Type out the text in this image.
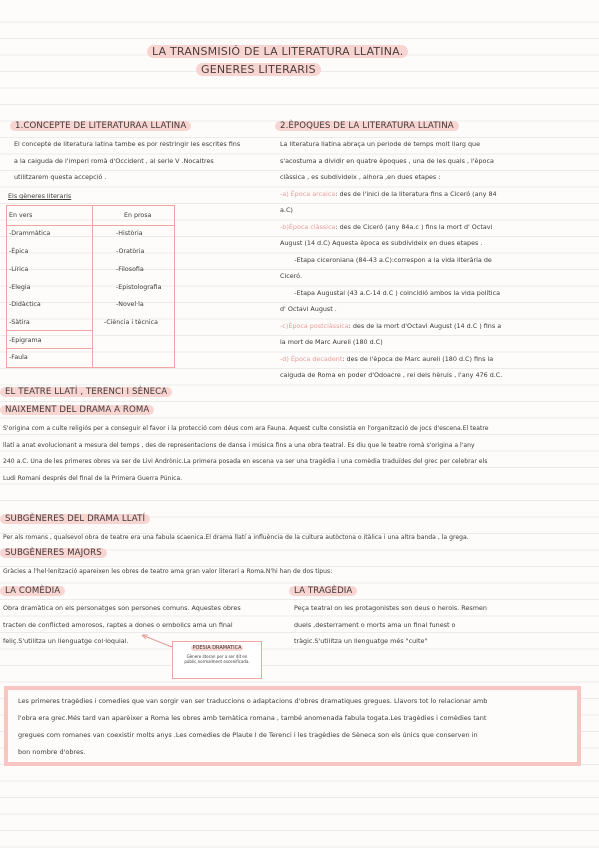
LA TRANSMISIÓ DE LA LITERATURA LLATINA.
GENERES LITERARIS
1.CONCEPTE DE LITERATURAA LLATINA
El concepte de literatura latina tambe es por restringir les escrites fins
a la caiguda de l'imperi romà d'Occident , al serle V .Nocaltres
utilitzarem questa accepció .
Els gèneres literaris
En vers	En prosa
-Drammàtica
-Èpica
-Lírica
-Elegia
-Didàctica
-Sàtira
-Epigrama
-Faula
-Història
-Oratòria
-Filosofia
-Epistolografia
-Novel·la
-Ciència i tècnica
2.ÈPOQUES DE LA LITERATURA LLATINA
La literatura llatina abraça un periode de temps molt llarg que
s'acostuma a dividir en quatre èpoques , una de les quals , l'època
clàssica , es subdivideix , alhora ,en dues etapes :
-a) Època arcaica: des de l'inici de la literatura fins a Ciceró (any 84
a.C)
-b)Època clàssica: des de Ciceró (any 84a.c ) fins la mort d' Octavi
August (14 d.C) Aquesta època es subdivideix en dues etapes .
-Etapa ciceroniana (84-43 a.C):correspon a la vida literària de
Ciceró.
-Etapa Augustal (43 a.C-14 d.C ) coincidió ambos la vida política
d' Octavi August .
-c)Època postclàssica: des de la mort d'Octavi August (14 d.C ) fins a
la mort de Marc Aureli (180 d.C)
-d) Època decadent: des de l'època de Marc aureli (180 d.C) fins la
caiguda de Roma en poder d'Odoacre , rei dels hèruls , l'any 476 d.C.
EL TEATRE LLATÍ , TERENCI I SÈNECA
NAIXEMENT DEL DRAMA A ROMA
S'origina com a culte religiós per a conseguir el favor i la protecció com déus com ara Fauna. Aquest culte consistia en l'organització de jocs d'escena.El teatre
llatí a anat evolucionant a mesura del temps , des de representacions de dansa i música fins a una obra teatral. Es diu que le teatre romà s'origina a l'any
240 a.C. Una de les primeres obres va ser de Livi Andrònic.La primera posada en escena va ser una tragèdia i una comèdia traduïdes del grec per celebrar els
Ludi Romani després del final de la Primera Guerra Púnica.
SUBGÈNERES DEL DRAMA LLATÍ
Per als romans , qualsevol obra de teatre era una fabula scaenica.El drama llatí a influència de la cultura autòctona o itàlica i una altra banda , la grega.
SUBGÈNERES MAJORS
Gràcies a l'hel·lenització apareixen les obres de teatro ama gran valor literari a Roma.N'hi han de dos tipus:
LA COMÈDIA
Obra dramàtica on els personatges son persones comuns. Aquestes obres
tracten de conflicted amorosos, raptes a dones o embolics ama un final
feliç.S'utilitza un llenguatge col·loquial.
POESIA DRAMATICA
Gènere literari per a ser dit en
públic,normalment escenificada.
LA TRAGÈDIA
Peça teatral on les protagonistes son deus o herois. Resmen
duels ,desterrament o morts ama un final funest o
tràgic.S'utilitza un llenguatge més "culte"
Les primeres tragèdies i comedies que van sorgir van ser traduccions o adaptacions d'obres dramatiques gregues. Llavors tot lo relacionar amb
l'obra era grec.Més tard van aparèixer a Roma les obres amb temàtica romana , també anomenada fabula togata.Les tragèdies i comèdies tant
gregues com romanes van coexistir molts anys .Les comedies de Plaute I de Terenci i les tragèdies de Sèneca son els únics que conserven in
bon nombre d'obres.
